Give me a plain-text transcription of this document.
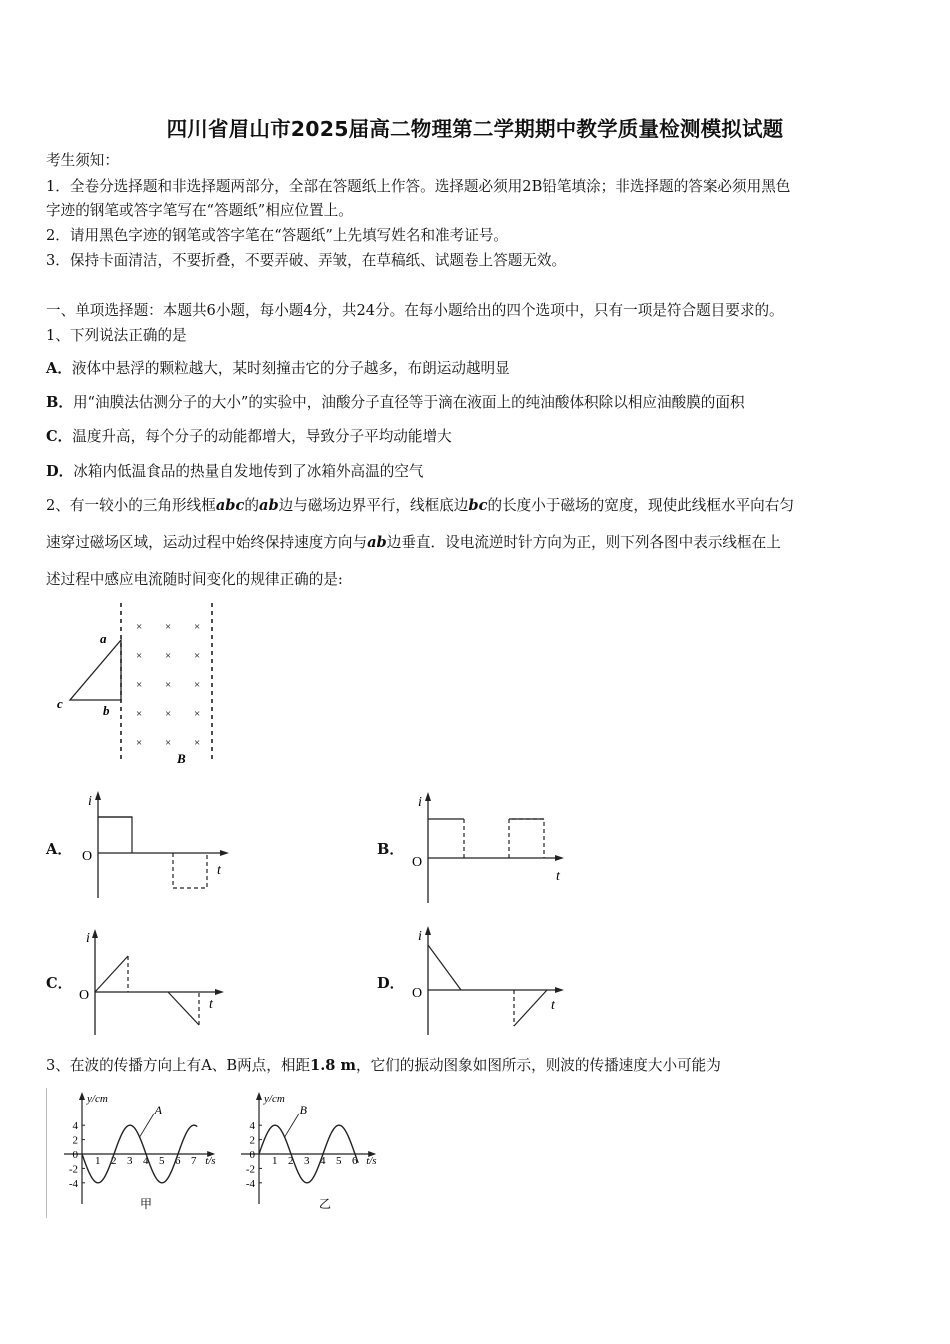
四川省眉山市2025届高二物理第二学期期中教学质量检测模拟试题
考生须知：
1．全卷分选择题和非选择题两部分，全部在答题纸上作答。选择题必须用2B铅笔填涂；非选择题的答案必须用黑色
字迹的钢笔或答字笔写在“答题纸”相应位置上。
2．请用黑色字迹的钢笔或答字笔在“答题纸”上先填写姓名和准考证号。
3．保持卡面清洁，不要折叠，不要弄破、弄皱，在草稿纸、试题卷上答题无效。
一、单项选择题：本题共6小题，每小题4分，共24分。在每小题给出的四个选项中，只有一项是符合题目要求的。
1、下列说法正确的是
A．液体中悬浮的颗粒越大，某时刻撞击它的分子越多，布朗运动越明显
B．用“油膜法估测分子的大小”的实验中，油酸分子直径等于滴在液面上的纯油酸体积除以相应油酸膜的面积
C．温度升高，每个分子的动能都增大，导致分子平均动能增大
D．冰箱内低温食品的热量自发地传到了冰箱外高温的空气
2、有一较小的三角形线框abc的ab边与磁场边界平行，线框底边bc的长度小于磁场的宽度，现使此线框水平向右匀
速穿过磁场区域，运动过程中始终保持速度方向与ab边垂直．设电流逆时针方向为正，则下列各图中表示线框在上
述过程中感应电流随时间变化的规律正确的是:
a
b
c
× × ×
× × ×
× × ×
× × ×
× × ×
B
A．	B．
C．	D．
i
O
t
i
O
t
i
O
t
i
O
t
3、在波的传播方向上有A、B两点，相距1.8 m，它们的振动图象如图所示，则波的传播速度大小可能为
y/cm
t/s
4
2
0
-2
-4
1 2 3 4 5 6 7
A
甲
y/cm
t/s
4
2
0
-2
-4
1 2 3 4 5 6
B
乙
